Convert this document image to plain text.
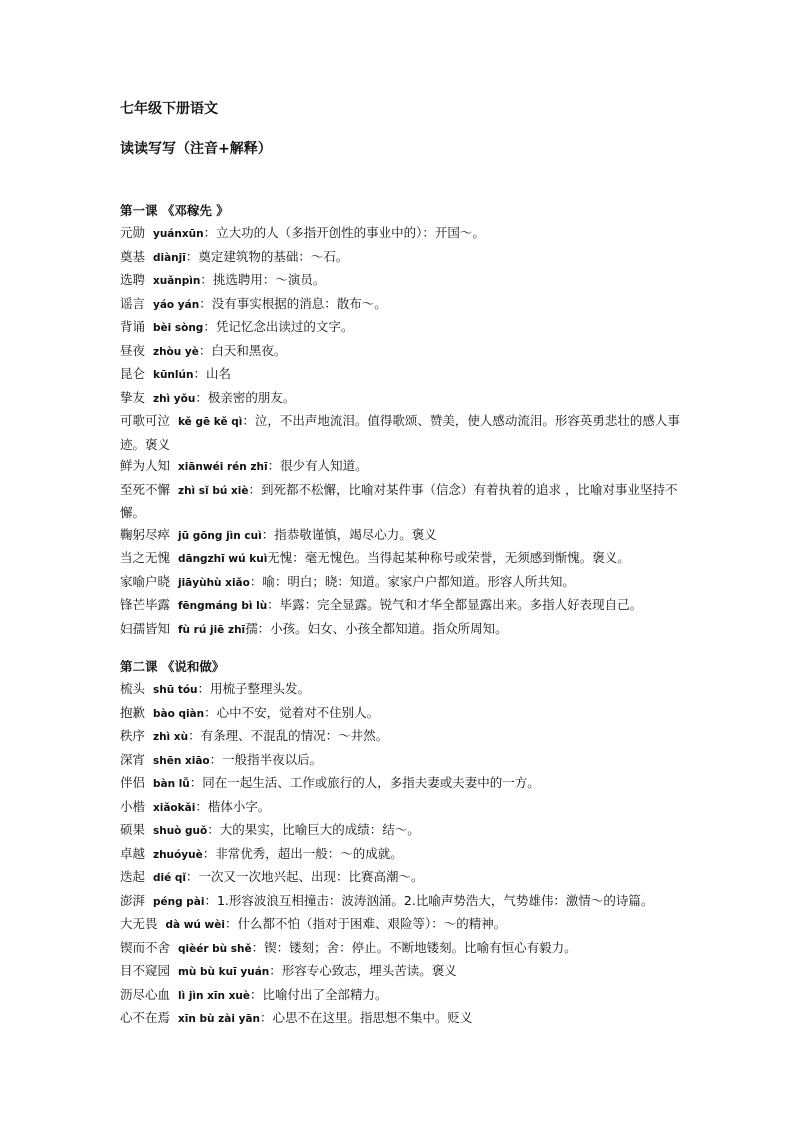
七年级下册语文
读读写写（注音+解释）
第一课 《邓稼先 》
元勋 yuánxūn：立大功的人（多指开创性的事业中的）：开国～。
奠基 diànjī：奠定建筑物的基础：～石。
选聘 xuǎnpìn：挑选聘用：～演员。
谣言 yáo yán：没有事实根据的消息：散布～。
背诵 bèi sòng：凭记忆念出读过的文字。
昼夜 zhòu yè：白天和黑夜。
昆仑 kūnlún：山名
挚友 zhì yǒu：极亲密的朋友。
可歌可泣 kě gē kě qì：泣，不出声地流泪。值得歌颂、赞美，使人感动流泪。形容英勇悲壮的感人事迹。褒义
鲜为人知 xiānwéi rén zhī：很少有人知道。
至死不懈 zhì sǐ bú xiè：到死都不松懈，比喻对某件事（信念）有着执着的追求 ，比喻对事业坚持不懈。
鞠躬尽瘁 jū gōng jìn cuì：指恭敬谨慎，竭尽心力。褒义
当之无愧 dāngzhī wú kuì无愧：毫无愧色。当得起某种称号或荣誉，无须感到惭愧。褒义。
家喻户晓 jiāyùhù xiǎo：喻：明白；晓：知道。家家户户都知道。形容人所共知。
锋芒毕露 fēngmáng bì lù：毕露：完全显露。锐气和才华全都显露出来。多指人好表现自己。
妇孺皆知 fù rú jiē zhī孺：小孩。妇女、小孩全都知道。指众所周知。
第二课 《说和做》
梳头 shū tóu：用梳子整理头发。
抱歉 bào qiàn：心中不安，觉着对不住别人。
秩序 zhì xù：有条理、不混乱的情况：～井然。
深宵 shēn xiāo：一般指半夜以后。
伴侣 bàn lǚ：同在一起生活、工作或旅行的人，多指夫妻或夫妻中的一方。
小楷 xiǎokǎi：楷体小字。
硕果 shuò guǒ：大的果实，比喻巨大的成绩：结～。
卓越 zhuóyuè：非常优秀，超出一般：～的成就。
迭起 dié qǐ：一次又一次地兴起、出现：比赛高潮～。
澎湃 péng pài：1.形容波浪互相撞击：波涛汹涌。2.比喻声势浩大，气势雄伟：激情～的诗篇。
大无畏 dà wú wèi：什么都不怕（指对于困难、艰险等）：～的精神。
锲而不舍 qièér bù shě：锲：镂刻；舍：停止。不断地镂刻。比喻有恒心有毅力。
目不窥园 mù bù kuī yuán：形容专心致志，埋头苦读。褒义
沥尽心血 lì jìn xīn xuè：比喻付出了全部精力。
心不在焉 xīn bù zài yān：心思不在这里。指思想不集中。贬义
